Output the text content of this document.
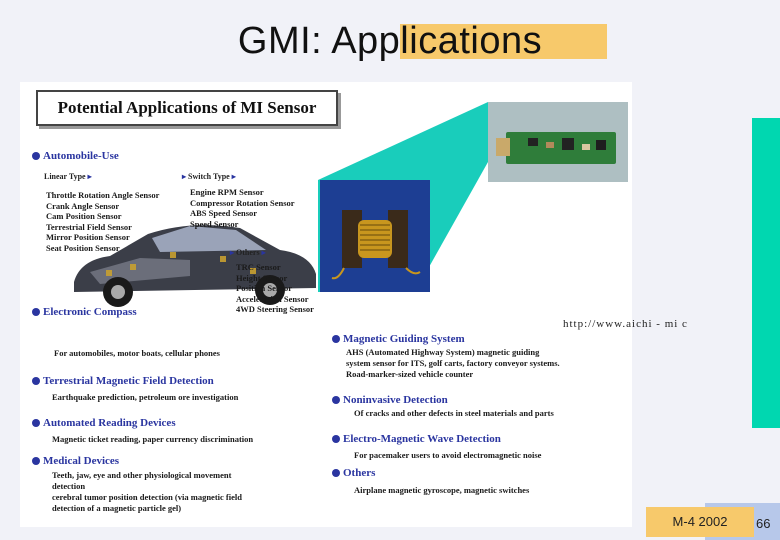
GMI: Applications
Potential Applications of MI Sensor
Automobile-Use
Linear Type ▸
Throttle Rotation Angle Sensor
Crank Angle Sensor
Cam Position Sensor
Terrestrial Field Sensor
Mirror Position Sensor
Seat Position Sensor
▸ Switch Type ▸
Engine RPM Sensor
Compressor Rotation Sensor
ABS Speed Sensor
Speed Sensor
▸ Others ▸
TRC Sensor
Height Sensor
Position Sensor
Acceleration Sensor
4WD Steering Sensor
Electronic Compass
For automobiles, motor boats, cellular phones
Terrestrial Magnetic Field Detection
Earthquake prediction, petroleum ore investigation
Automated Reading Devices
Magnetic ticket reading, paper currency discrimination
Medical Devices
Teeth, jaw, eye and other physiological movement
detection
cerebral tumor position detection (via magnetic field
detection of a magnetic particle gel)
Magnetic Guiding System
AHS (Automated Highway System) magnetic guiding
system sensor for ITS, golf carts, factory conveyor systems.
Road-marker-sized vehicle counter
Noninvasive Detection
Of cracks and other defects in steel materials and parts
Electro-Magnetic Wave Detection
For pacemaker users to avoid electromagnetic noise
Others
Airplane magnetic gyroscope, magnetic switches
http://www.aichi - mi c
M-4 2002	66
